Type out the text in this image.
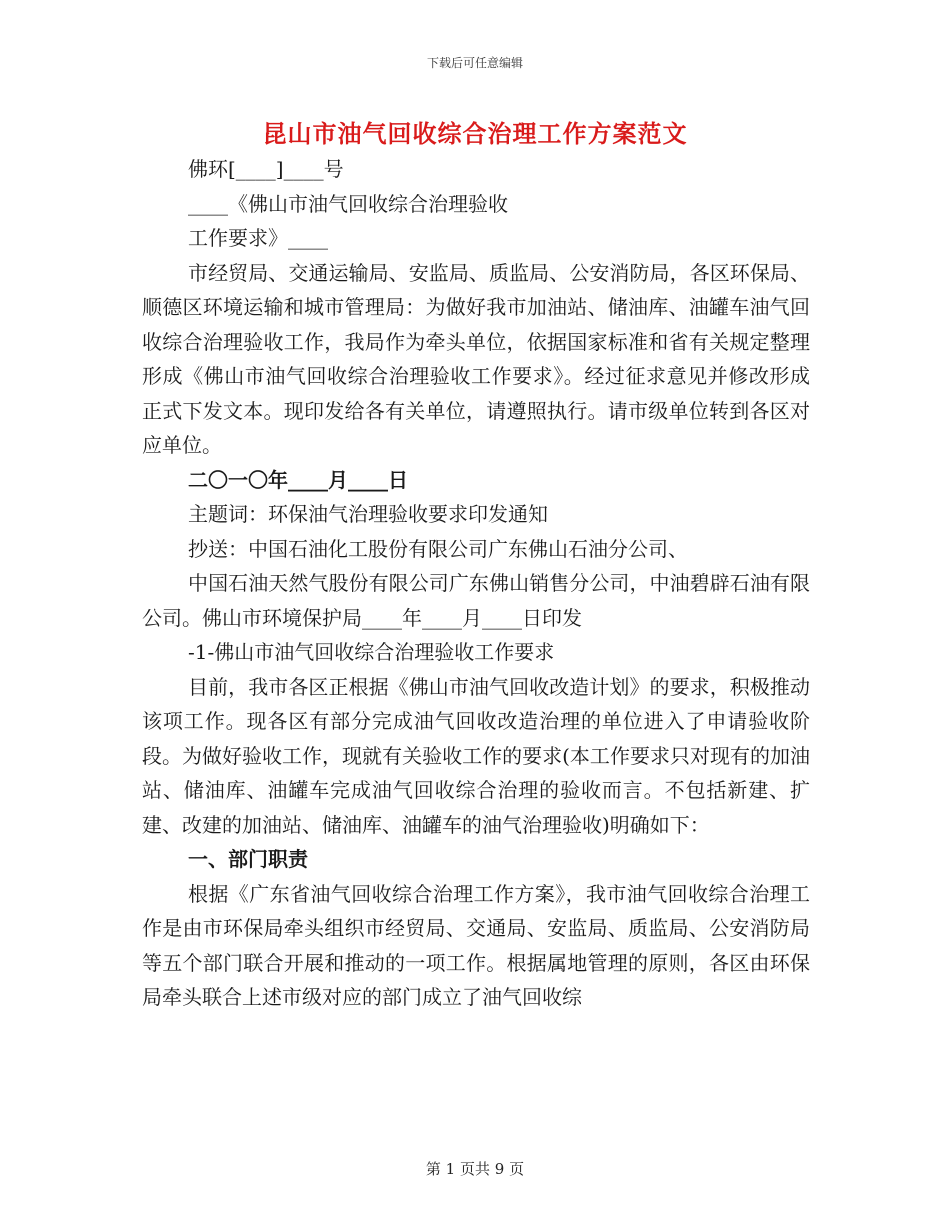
下载后可任意编辑
昆山市油气回收综合治理工作方案范文

佛环[____]____号

____《佛山市油气回收综合治理验收

工作要求》____

市经贸局、交通运输局、安监局、质监局、公安消防局，各区环保局、顺德区环境运输和城市管理局：为做好我市加油站、储油库、油罐车油气回收综合治理验收工作，我局作为牵头单位，依据国家标准和省有关规定整理形成《佛山市油气回收综合治理验收工作要求》。经过征求意见并修改形成正式下发文本。现印发给各有关单位，请遵照执行。请市级单位转到各区对应单位。

二〇一〇年____月____日

主题词：环保油气治理验收要求印发通知

抄送：中国石油化工股份有限公司广东佛山石油分公司、

中国石油天然气股份有限公司广东佛山销售分公司，中油碧辟石油有限公司。佛山市环境保护局____年____月____日印发

-1-佛山市油气回收综合治理验收工作要求

目前，我市各区正根据《佛山市油气回收改造计划》的要求，积极推动该项工作。现各区有部分完成油气回收改造治理的单位进入了申请验收阶段。为做好验收工作，现就有关验收工作的要求(本工作要求只对现有的加油站、储油库、油罐车完成油气回收综合治理的验收而言。不包括新建、扩建、改建的加油站、储油库、油罐车的油气治理验收)明确如下：

一、部门职责

根据《广东省油气回收综合治理工作方案》，我市油气回收综合治理工作是由市环保局牵头组织市经贸局、交通局、安监局、质监局、公安消防局等五个部门联合开展和推动的一项工作。根据属地管理的原则，各区由环保局牵头联合上述市级对应的部门成立了油气回收综

第 1 页共 9 页
